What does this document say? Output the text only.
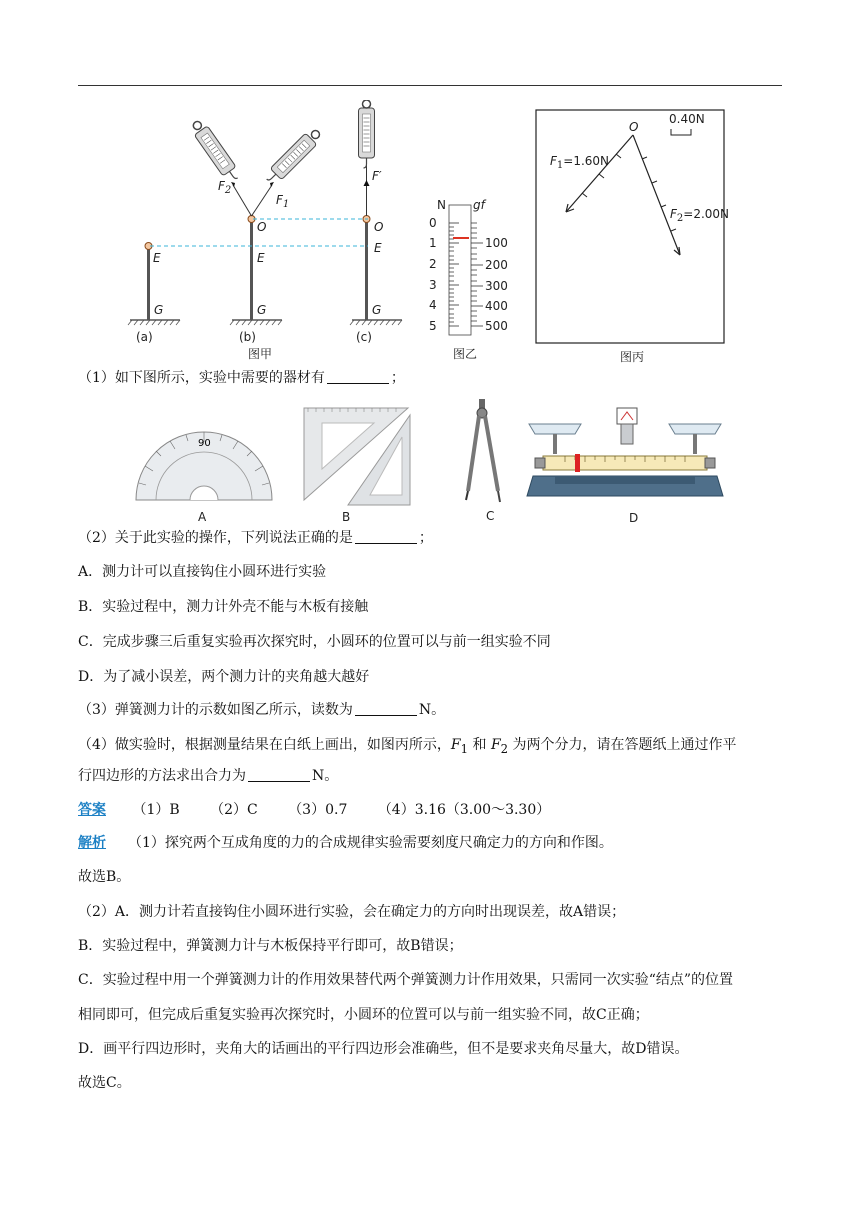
E
G
O
E
G
O
E
G
$F_2$
$F_1$
F′
(a)	(b)	(c)
图甲
N gf
0
1
2
3
4
5
100
200
300
400
500
图乙
0.40N
O
$F_1=1.60N$
$F_2=2.00N$
图丙
（1）如下图所示，实验中需要的器材有	；
90
A	B	C	D
（2）关于此实验的操作，下列说法正确的是	；
A．测力计可以直接钩住小圆环进行实验
B．实验过程中，测力计外壳不能与木板有接触
C．完成步骤三后重复实验再次探究时，小圆环的位置可以与前一组实验不同
D．为了减小误差，两个测力计的夹角越大越好
（3）弹簧测力计的示数如图乙所示，读数为	N。
（4）做实验时，根据测量结果在白纸上画出，如图丙所示，$F_1$ 和 $F_2$ 为两个分力，请在答题纸上通过作平
行四边形的方法求出合力为	N。
答案 （1）B （2）C （3）0.7 （4）3.16（3.00～3.30）
解析 （1）探究两个互成角度的力的合成规律实验需要刻度尺确定力的方向和作图。
故选B。
（2）A．测力计若直接钩住小圆环进行实验，会在确定力的方向时出现误差，故A错误；
B．实验过程中，弹簧测力计与木板保持平行即可，故B错误；
C．实验过程中用一个弹簧测力计的作用效果替代两个弹簧测力计作用效果，只需同一次实验“结点”的位置
相同即可，但完成后重复实验再次探究时，小圆环的位置可以与前一组实验不同，故C正确；
D．画平行四边形时，夹角大的话画出的平行四边形会准确些，但不是要求夹角尽量大，故D错误。
故选C。
